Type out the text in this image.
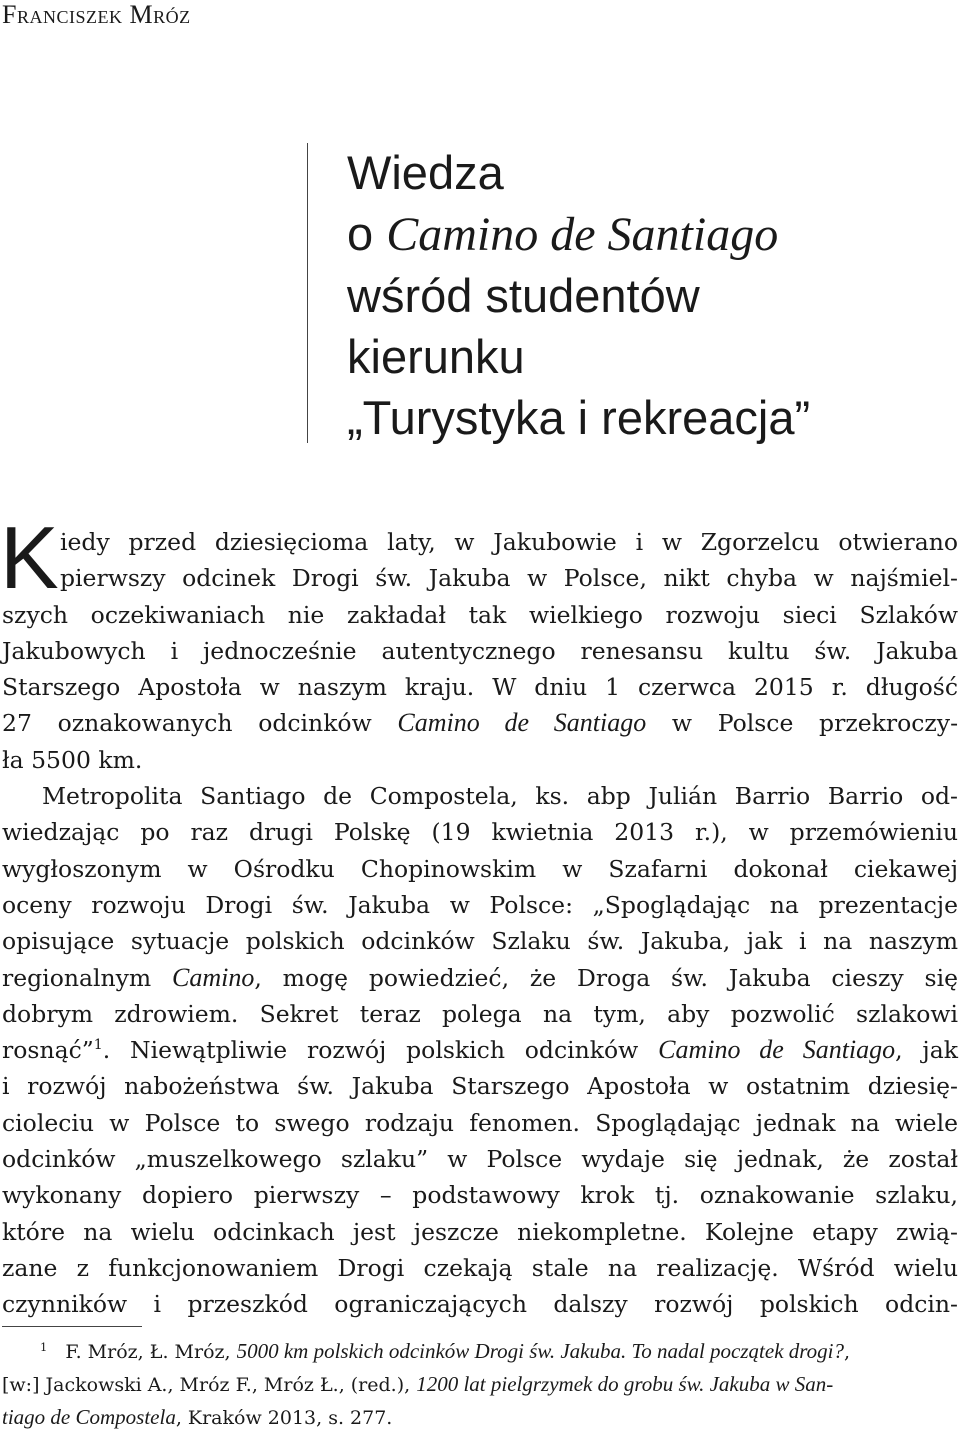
Franciszek Mróz
Wiedza
o Camino de Santiago
wśród studentów
kierunku
„Turystyka i rekreacja”
K iedy przed dziesięcioma laty, w Jakubowie i w Zgorzelcu otwierano
pierwszy odcinek Drogi św. Jakuba w Polsce, nikt chyba w najśmiel-
szych oczekiwaniach nie zakładał tak wielkiego rozwoju sieci Szlaków
Jakubowych i jednocześnie autentycznego renesansu kultu św. Jakuba
Starszego Apostoła w naszym kraju. W dniu 1 czerwca 2015 r. długość
27 oznakowanych odcinków Camino de Santiago w Polsce przekroczy-
ła 5500 km.
Metropolita Santiago de Compostela, ks. abp Julián Barrio Barrio od-
wiedzając po raz drugi Polskę (19 kwietnia 2013 r.), w przemówieniu
wygłoszonym w Ośrodku Chopinowskim w Szafarni dokonał ciekawej
oceny rozwoju Drogi św. Jakuba w Polsce: „Spoglądając na prezentacje
opisujące sytuacje polskich odcinków Szlaku św. Jakuba, jak i na naszym
regionalnym Camino, mogę powiedzieć, że Droga św. Jakuba cieszy się
dobrym zdrowiem. Sekret teraz polega na tym, aby pozwolić szlakowi
rosnąć”$^1$. Niewątpliwie rozwój polskich odcinków Camino de Santiago, jak
i rozwój nabożeństwa św. Jakuba Starszego Apostoła w ostatnim dziesię-
cioleciu w Polsce to swego rodzaju fenomen. Spoglądając jednak na wiele
odcinków „muszelkowego szlaku” w Polsce wydaje się jednak, że został
wykonany dopiero pierwszy – podstawowy krok tj. oznakowanie szlaku,
które na wielu odcinkach jest jeszcze niekompletne. Kolejne etapy zwią-
zane z funkcjonowaniem Drogi czekają stale na realizację. Wśród wielu
czynników i przeszkód ograniczających dalszy rozwój polskich odcin-
$^1$ F. Mróz, Ł. Mróz, 5000 km polskich odcinków Drogi św. Jakuba. To nadal początek drogi?,
[w:] Jackowski A., Mróz F., Mróz Ł., (red.), 1200 lat pielgrzymek do grobu św. Jakuba w San-
tiago de Compostela, Kraków 2013, s. 277.
